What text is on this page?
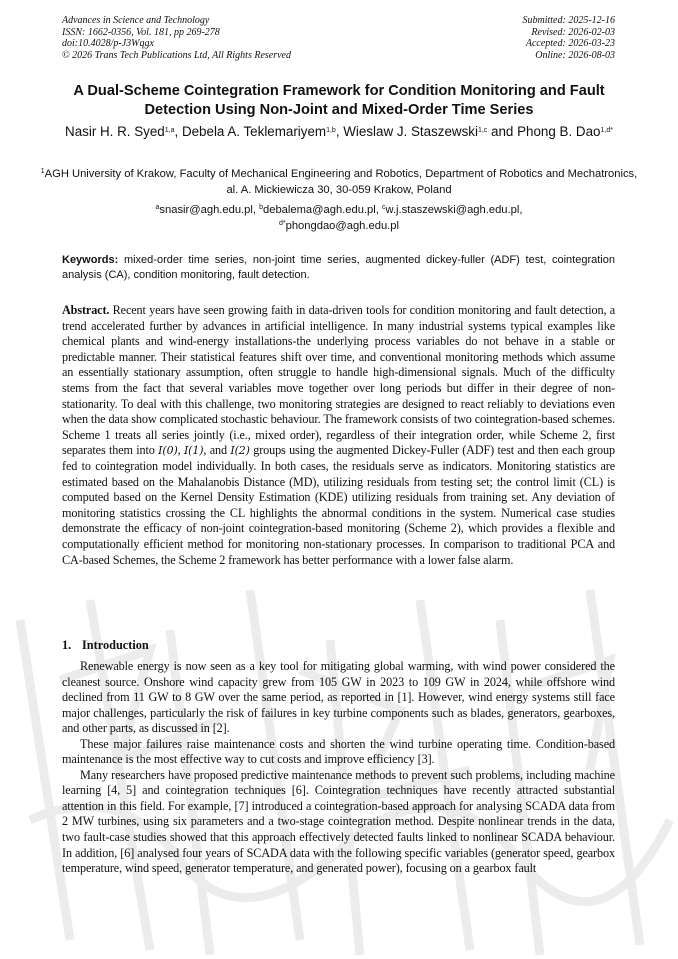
Advances in Science and Technology
ISSN: 1662-0356, Vol. 181, pp 269-278
doi:10.4028/p-J3Wqgx
© 2026 Trans Tech Publications Ltd, All Rights Reserved
Submitted: 2025-12-16
Revised: 2026-02-03
Accepted: 2026-03-23
Online: 2026-08-03
A Dual-Scheme Cointegration Framework for Condition Monitoring and Fault Detection Using Non-Joint and Mixed-Order Time Series

Nasir H. R. Syed$^{1,a}$, Debela A. Teklemariyem$^{1,b}$, Wieslaw J. Staszewski$^{1,c}$ and Phong B. Dao$^{1,d*}$

$^1$AGH University of Krakow, Faculty of Mechanical Engineering and Robotics, Department of Robotics and Mechatronics, al. A. Mickiewicza 30, 30-059 Krakow, Poland

$^a$snasir@agh.edu.pl, $^b$debalema@agh.edu.pl, $^c$w.j.staszewski@agh.edu.pl,
$^{d*}$phongdao@agh.edu.pl

Keywords: mixed-order time series, non-joint time series, augmented dickey-fuller (ADF) test, cointegration analysis (CA), condition monitoring, fault detection.

Abstract. Recent years have seen growing faith in data-driven tools for condition monitoring and fault detection, a trend accelerated further by advances in artificial intelligence. In many industrial systems typical examples like chemical plants and wind-energy installations-the underlying process variables do not behave in a stable or predictable manner. Their statistical features shift over time, and conventional monitoring methods which assume an essentially stationary assumption, often struggle to handle high-dimensional signals. Much of the difficulty stems from the fact that several variables move together over long periods but differ in their degree of non-stationarity. To deal with this challenge, two monitoring strategies are designed to react reliably to deviations even when the data show complicated stochastic behaviour. The framework consists of two cointegration-based schemes. Scheme 1 treats all series jointly (i.e., mixed order), regardless of their integration order, while Scheme 2, first separates them into I(0), I(1), and I(2) groups using the augmented Dickey-Fuller (ADF) test and then each group fed to cointegration model individually. In both cases, the residuals serve as indicators. Monitoring statistics are estimated based on the Mahalanobis Distance (MD), utilizing residuals from testing set; the control limit (CL) is computed based on the Kernel Density Estimation (KDE) utilizing residuals from training set. Any deviation of monitoring statistics crossing the CL highlights the abnormal conditions in the system. Numerical case studies demonstrate the efficacy of non-joint cointegration-based monitoring (Scheme 2), which provides a flexible and computationally efficient method for monitoring non-stationary processes. In comparison to traditional PCA and CA-based Schemes, the Scheme 2 framework has better performance with a lower false alarm.

1. Introduction

Renewable energy is now seen as a key tool for mitigating global warming, with wind power considered the cleanest source. Onshore wind capacity grew from 105 GW in 2023 to 109 GW in 2024, while offshore wind declined from 11 GW to 8 GW over the same period, as reported in [1]. However, wind energy systems still face major challenges, particularly the risk of failures in key turbine components such as blades, generators, gearboxes, and other parts, as discussed in [2].

These major failures raise maintenance costs and shorten the wind turbine operating time. Condition-based maintenance is the most effective way to cut costs and improve efficiency [3].

Many researchers have proposed predictive maintenance methods to prevent such problems, including machine learning [4, 5] and cointegration techniques [6]. Cointegration techniques have recently attracted substantial attention in this field. For example, [7] introduced a cointegration-based approach for analysing SCADA data from 2 MW turbines, using six parameters and a two-stage cointegration method. Despite nonlinear trends in the data, two fault-case studies showed that this approach effectively detected faults linked to nonlinear SCADA behaviour. In addition, [6] analysed four years of SCADA data with the following specific variables (generator speed, gearbox temperature, wind speed, generator temperature, and generated power), focusing on a gearbox fault
